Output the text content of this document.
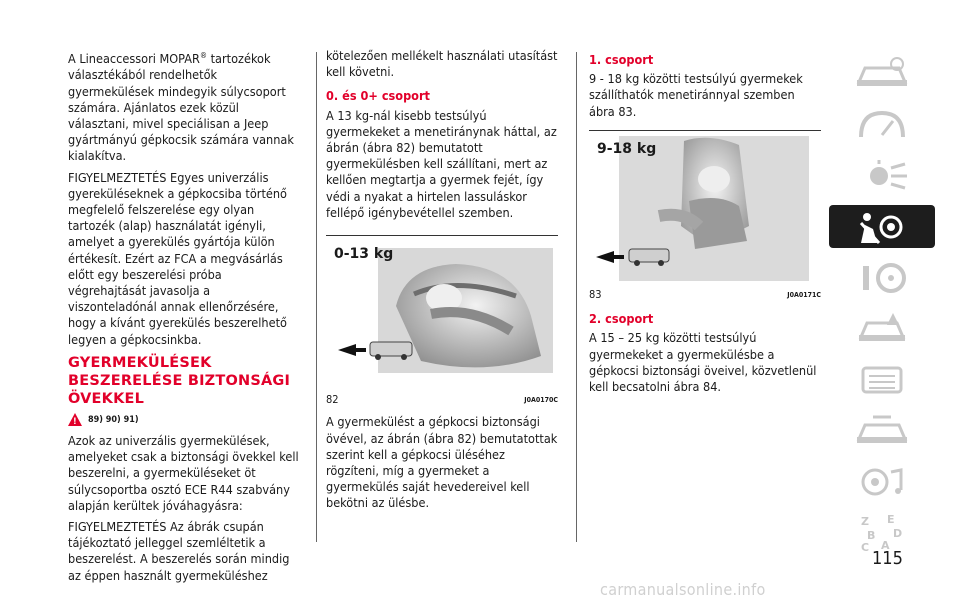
A Lineaccessori MOPAR® tartozékok választékából rendelhetők gyermekülések mindegyik súlycsoport számára. Ajánlatos ezek közül választani, mivel speciálisan a Jeep gyártmányú gépkocsik számára vannak kialakítva.

FIGYELMEZTETÉS Egyes univerzális gyereküléseknek a gépkocsiba történő megfelelő felszerelése egy olyan tartozék (alap) használatát igényli, amelyet a gyerekülés gyártója külön értékesít. Ezért az FCA a megvásárlás előtt egy beszerelési próba végrehajtását javasolja a viszonteladónál annak ellenőrzésére, hogy a kívánt gyerekülés beszerelhető legyen a gépkocsinkba.

GYERMEKÜLÉSEK BESZERELÉSE BIZTONSÁGI ÖVEKKEL
!
89) 90) 91)

Azok az univerzális gyermekülések, amelyeket csak a biztonsági övekkel kell beszerelni, a gyermeküléseket öt súlycsoportba osztó ECE R44 szabvány alapján kerültek jóváhagyásra:

FIGYELMEZTETÉS Az ábrák csupán tájékoztató jelleggel szemléltetik a beszerelést. A beszerelés során mindig az éppen használt gyermeküléshez

kötelezően mellékelt használati utasítást kell követni.

0. és 0+ csoport

A 13 kg-nál kisebb testsúlyú gyermekeket a menetiránynak háttal, az ábrán (ábra 82) bemutatott gyermekülésben kell szállítani, mert az kellően megtartja a gyermek fejét, így védi a nyakat a hirtelen lassuláskor fellépő igénybevétellel szemben.

0-13 kg
82	J0A0170C

A gyermekülést a gépkocsi biztonsági övével, az ábrán (ábra 82) bemutatottak szerint kell a gépkocsi üléséhez rögzíteni, míg a gyermeket a gyermekülés saját hevedereivel kell bekötni az ülésbe.

1. csoport

9 - 18 kg közötti testsúlyú gyermekek szállíthatók menetiránnyal szemben ábra 83.

9-18 kg
83	J0A0171C
2. csoport

A 15 – 25 kg közötti testsúlyú gyermekeket a gyermekülésbe a gépkocsi biztonsági öveivel, közvetlenül kell becsatolni ábra 84.

Z E
B D
C A
115
carmanualsonline.info
